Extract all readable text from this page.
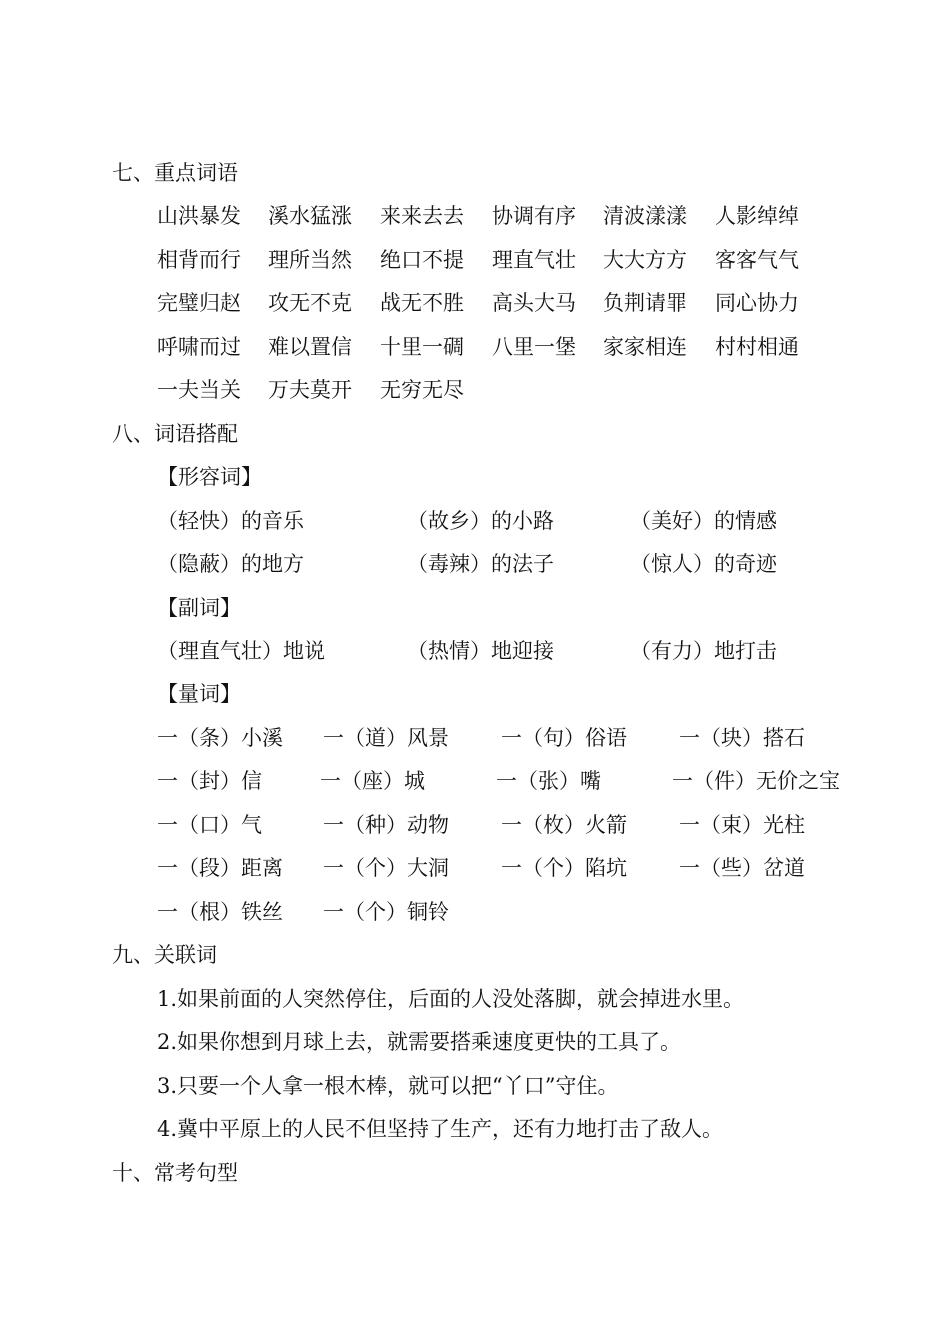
七、重点词语
山洪暴发 溪水猛涨 来来去去 协调有序 清波漾漾 人影绰绰
相背而行 理所当然 绝口不提 理直气壮 大大方方 客客气气
完璧归赵 攻无不克 战无不胜 高头大马 负荆请罪 同心协力
呼啸而过 难以置信 十里一碉 八里一堡 家家相连 村村相通
一夫当关 万夫莫开 无穷无尽
八、词语搭配
【形容词】
（轻快）的音乐	（故乡）的小路	（美好）的情感
（隐蔽）的地方	（毒辣）的法子	（惊人）的奇迹
【副词】
（理直气壮）地说	（热情）地迎接	（有力）地打击
【量词】
一（条）小溪 一（道）风景 一（句）俗语 一（块）搭石
一（封）信	一（座）城	一（张）嘴	一（件）无价之宝
一（口）气	一（种）动物 一（枚）火箭 一（束）光柱
一（段）距离 一（个）大洞 一（个）陷坑 一（些）岔道
一（根）铁丝 一（个）铜铃
九、关联词
1.如果前面的人突然停住，后面的人没处落脚，就会掉进水里。
2.如果你想到月球上去，就需要搭乘速度更快的工具了。
3.只要一个人拿一根木棒，就可以把“丫口”守住。
4.冀中平原上的人民不但坚持了生产，还有力地打击了敌人。
十、常考句型
